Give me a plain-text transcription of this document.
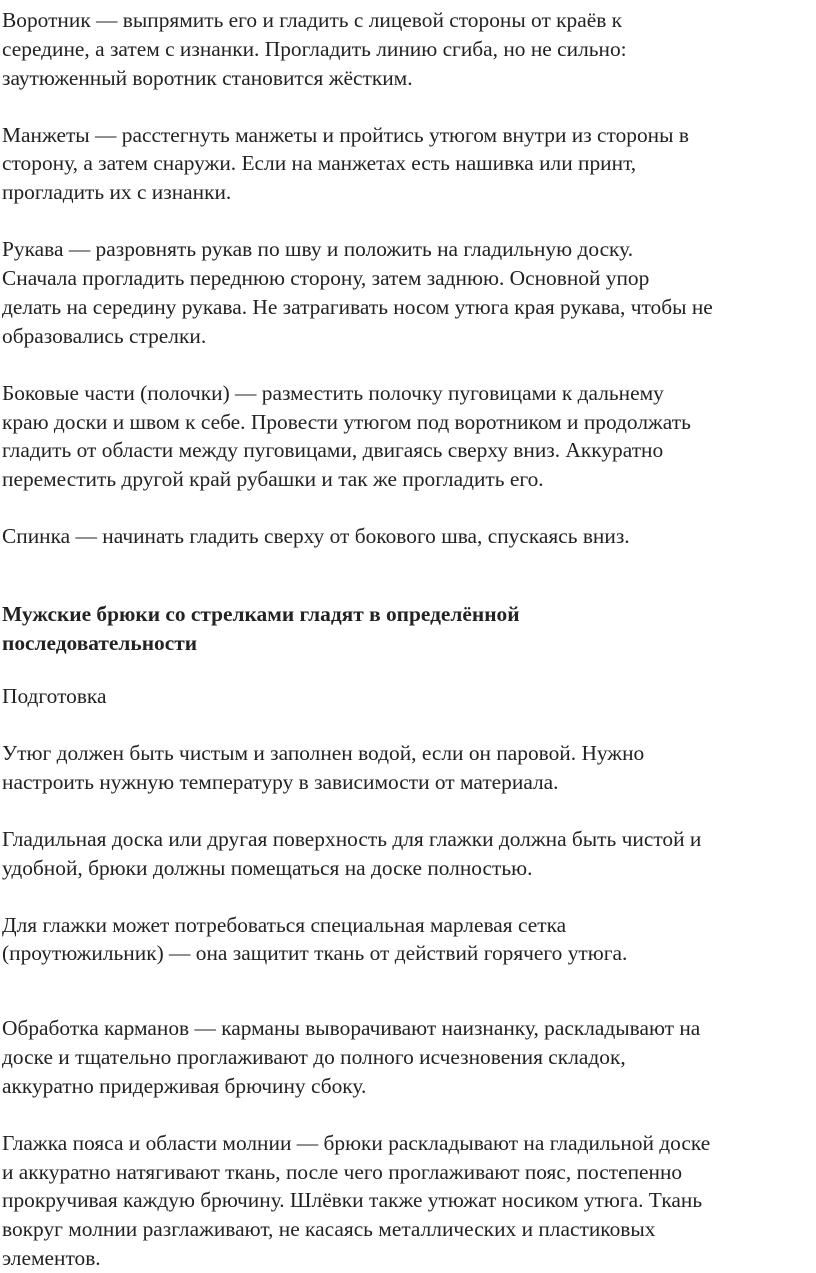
Воротник — выпрямить его и гладить с лицевой стороны от краёв к
середине, а затем с изнанки. Прогладить линию сгиба, но не сильно:
заутюженный воротник становится жёстким.

Манжеты — расстегнуть манжеты и пройтись утюгом внутри из стороны в
сторону, а затем снаружи. Если на манжетах есть нашивка или принт,
прогладить их с изнанки.

Рукава — разровнять рукав по шву и положить на гладильную доску.
Сначала прогладить переднюю сторону, затем заднюю. Основной упор
делать на середину рукава. Не затрагивать носом утюга края рукава, чтобы не
образовались стрелки.

Боковые части (полочки) — разместить полочку пуговицами к дальнему
краю доски и швом к себе. Провести утюгом под воротником и продолжать
гладить от области между пуговицами, двигаясь сверху вниз. Аккуратно
переместить другой край рубашки и так же прогладить его.

Спинка — начинать гладить сверху от бокового шва, спускаясь вниз.

Мужские брюки со стрелками гладят в определённой
последовательности

Подготовка

Утюг должен быть чистым и заполнен водой, если он паровой. Нужно
настроить нужную температуру в зависимости от материала.

Гладильная доска или другая поверхность для глажки должна быть чистой и
удобной, брюки должны помещаться на доске полностью.

Для глажки может потребоваться специальная марлевая сетка
(проутюжильник) — она защитит ткань от действий горячего утюга.

Обработка карманов — карманы выворачивают наизнанку, раскладывают на
доске и тщательно проглаживают до полного исчезновения складок,
аккуратно придерживая брючину сбоку.

Глажка пояса и области молнии — брюки раскладывают на гладильной доске
и аккуратно натягивают ткань, после чего проглаживают пояс, постепенно
прокручивая каждую брючину. Шлёвки также утюжат носиком утюга. Ткань
вокруг молнии разглаживают, не касаясь металлических и пластиковых
элементов.
